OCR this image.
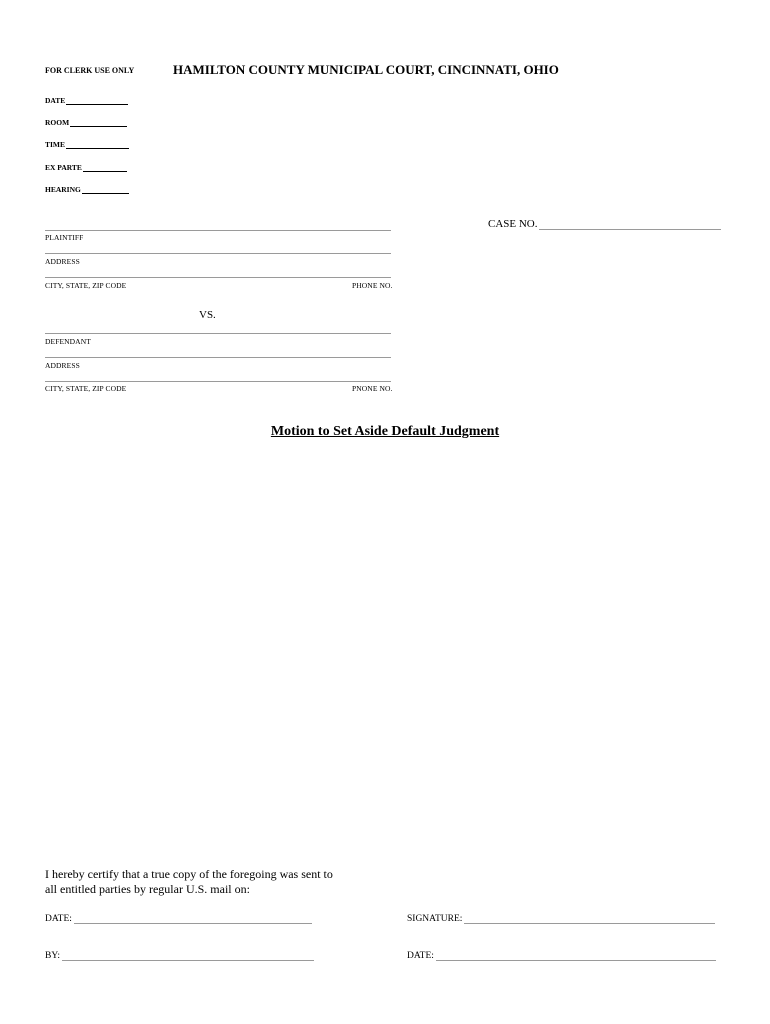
FOR CLERK USE ONLY	HAMILTON COUNTY MUNICIPAL COURT, CINCINNATI, OHIO
DATE
ROOM
TIME
EX PARTE
HEARING
CASE NO.
PLAINTIFF
ADDRESS
CITY, STATE, ZIP CODE	PHONE NO.
VS.
DEFENDANT
ADDRESS
CITY, STATE, ZIP CODE	PNONE NO.
Motion to Set Aside Default Judgment
I hereby certify that a true copy of the foregoing was sent to all entitled parties by regular U.S. mail on:
DATE:	SIGNATURE:
BY:	DATE:
